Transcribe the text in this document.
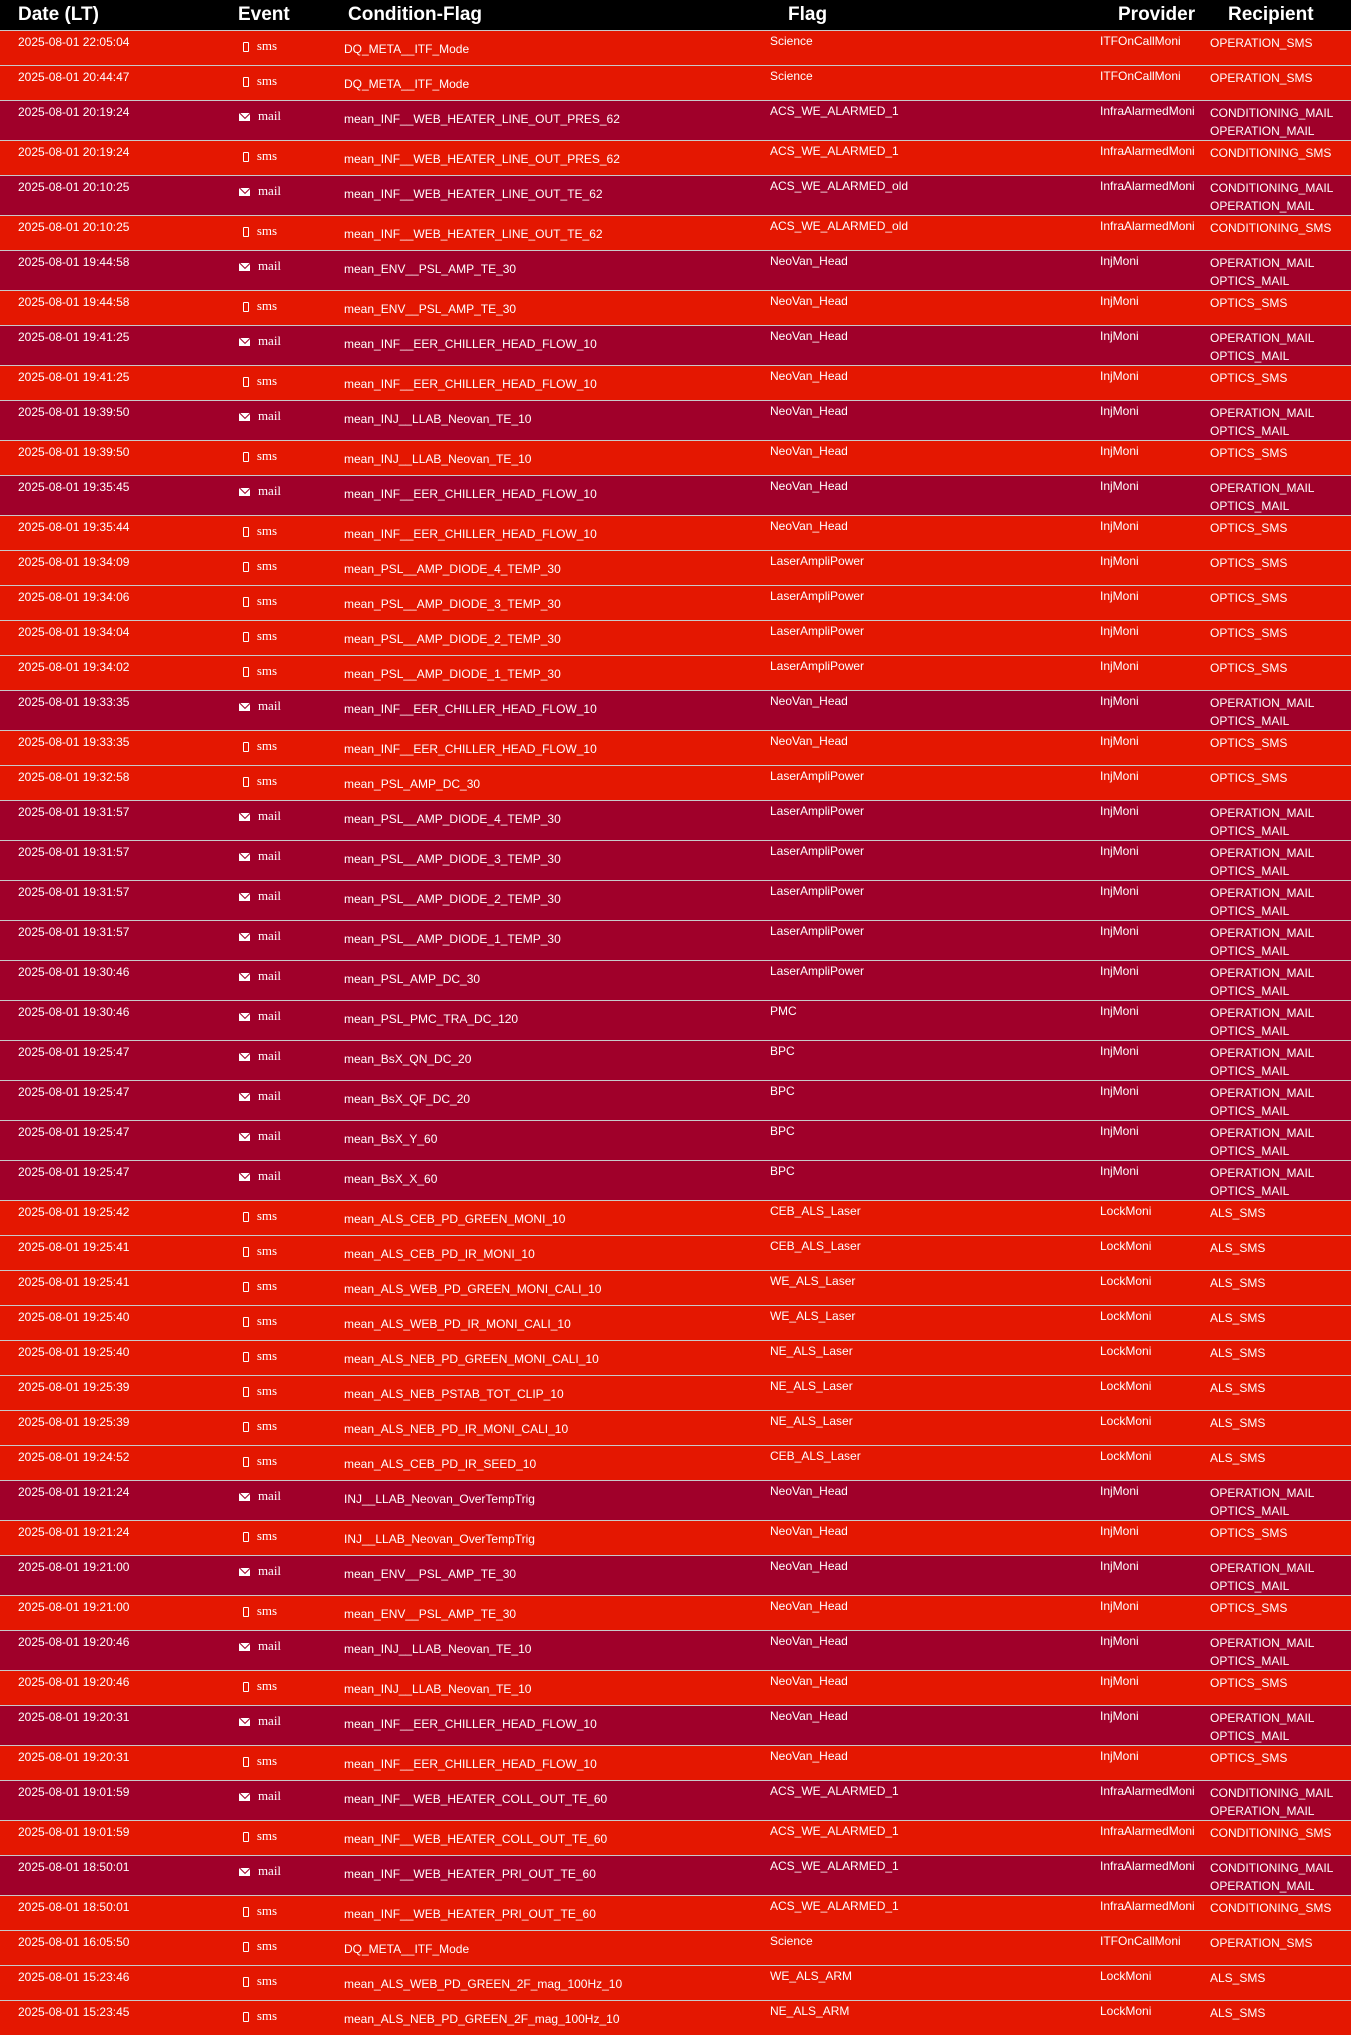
Date (LT)	Event	Condition-Flag	Flag	Provider	Recipient
2025-08-01 22:05:04	sms	DQ_META__ITF_Mode	Science	ITFOnCallMoni	OPERATION_SMS

2025-08-01 20:44:47	sms	DQ_META__ITF_Mode	Science	ITFOnCallMoni	OPERATION_SMS

2025-08-01 20:19:24	mail	mean_INF__WEB_HEATER_LINE_OUT_PRES_62	ACS_WE_ALARMED_1	InfraAlarmedMoni	CONDITIONING_MAIL
OPERATION_MAIL

2025-08-01 20:19:24	sms	mean_INF__WEB_HEATER_LINE_OUT_PRES_62	ACS_WE_ALARMED_1	InfraAlarmedMoni	CONDITIONING_SMS

2025-08-01 20:10:25	mail	mean_INF__WEB_HEATER_LINE_OUT_TE_62	ACS_WE_ALARMED_old	InfraAlarmedMoni	CONDITIONING_MAIL
OPERATION_MAIL

2025-08-01 20:10:25	sms	mean_INF__WEB_HEATER_LINE_OUT_TE_62	ACS_WE_ALARMED_old	InfraAlarmedMoni	CONDITIONING_SMS

2025-08-01 19:44:58	mail	mean_ENV__PSL_AMP_TE_30	NeoVan_Head	InjMoni	OPERATION_MAIL
OPTICS_MAIL

2025-08-01 19:44:58	sms	mean_ENV__PSL_AMP_TE_30	NeoVan_Head	InjMoni	OPTICS_SMS

2025-08-01 19:41:25	mail	mean_INF__EER_CHILLER_HEAD_FLOW_10	NeoVan_Head	InjMoni	OPERATION_MAIL
OPTICS_MAIL

2025-08-01 19:41:25	sms	mean_INF__EER_CHILLER_HEAD_FLOW_10	NeoVan_Head	InjMoni	OPTICS_SMS

2025-08-01 19:39:50	mail	mean_INJ__LLAB_Neovan_TE_10	NeoVan_Head	InjMoni	OPERATION_MAIL
OPTICS_MAIL

2025-08-01 19:39:50	sms	mean_INJ__LLAB_Neovan_TE_10	NeoVan_Head	InjMoni	OPTICS_SMS

2025-08-01 19:35:45	mail	mean_INF__EER_CHILLER_HEAD_FLOW_10	NeoVan_Head	InjMoni	OPERATION_MAIL
OPTICS_MAIL

2025-08-01 19:35:44	sms	mean_INF__EER_CHILLER_HEAD_FLOW_10	NeoVan_Head	InjMoni	OPTICS_SMS

2025-08-01 19:34:09	sms	mean_PSL__AMP_DIODE_4_TEMP_30	LaserAmpliPower	InjMoni	OPTICS_SMS

2025-08-01 19:34:06	sms	mean_PSL__AMP_DIODE_3_TEMP_30	LaserAmpliPower	InjMoni	OPTICS_SMS

2025-08-01 19:34:04	sms	mean_PSL__AMP_DIODE_2_TEMP_30	LaserAmpliPower	InjMoni	OPTICS_SMS

2025-08-01 19:34:02	sms	mean_PSL__AMP_DIODE_1_TEMP_30	LaserAmpliPower	InjMoni	OPTICS_SMS

2025-08-01 19:33:35	mail	mean_INF__EER_CHILLER_HEAD_FLOW_10	NeoVan_Head	InjMoni	OPERATION_MAIL
OPTICS_MAIL

2025-08-01 19:33:35	sms	mean_INF__EER_CHILLER_HEAD_FLOW_10	NeoVan_Head	InjMoni	OPTICS_SMS

2025-08-01 19:32:58	sms	mean_PSL_AMP_DC_30	LaserAmpliPower	InjMoni	OPTICS_SMS

2025-08-01 19:31:57	mail	mean_PSL__AMP_DIODE_4_TEMP_30	LaserAmpliPower	InjMoni	OPERATION_MAIL
OPTICS_MAIL

2025-08-01 19:31:57	mail	mean_PSL__AMP_DIODE_3_TEMP_30	LaserAmpliPower	InjMoni	OPERATION_MAIL
OPTICS_MAIL

2025-08-01 19:31:57	mail	mean_PSL__AMP_DIODE_2_TEMP_30	LaserAmpliPower	InjMoni	OPERATION_MAIL
OPTICS_MAIL

2025-08-01 19:31:57	mail	mean_PSL__AMP_DIODE_1_TEMP_30	LaserAmpliPower	InjMoni	OPERATION_MAIL
OPTICS_MAIL

2025-08-01 19:30:46	mail	mean_PSL_AMP_DC_30	LaserAmpliPower	InjMoni	OPERATION_MAIL
OPTICS_MAIL

2025-08-01 19:30:46	mail	mean_PSL_PMC_TRA_DC_120	PMC	InjMoni	OPERATION_MAIL
OPTICS_MAIL

2025-08-01 19:25:47	mail	mean_BsX_QN_DC_20	BPC	InjMoni	OPERATION_MAIL
OPTICS_MAIL

2025-08-01 19:25:47	mail	mean_BsX_QF_DC_20	BPC	InjMoni	OPERATION_MAIL
OPTICS_MAIL

2025-08-01 19:25:47	mail	mean_BsX_Y_60	BPC	InjMoni	OPERATION_MAIL
OPTICS_MAIL

2025-08-01 19:25:47	mail	mean_BsX_X_60	BPC	InjMoni	OPERATION_MAIL
OPTICS_MAIL

2025-08-01 19:25:42	sms	mean_ALS_CEB_PD_GREEN_MONI_10	CEB_ALS_Laser	LockMoni	ALS_SMS

2025-08-01 19:25:41	sms	mean_ALS_CEB_PD_IR_MONI_10	CEB_ALS_Laser	LockMoni	ALS_SMS

2025-08-01 19:25:41	sms	mean_ALS_WEB_PD_GREEN_MONI_CALI_10	WE_ALS_Laser	LockMoni	ALS_SMS

2025-08-01 19:25:40	sms	mean_ALS_WEB_PD_IR_MONI_CALI_10	WE_ALS_Laser	LockMoni	ALS_SMS

2025-08-01 19:25:40	sms	mean_ALS_NEB_PD_GREEN_MONI_CALI_10	NE_ALS_Laser	LockMoni	ALS_SMS

2025-08-01 19:25:39	sms	mean_ALS_NEB_PSTAB_TOT_CLIP_10	NE_ALS_Laser	LockMoni	ALS_SMS

2025-08-01 19:25:39	sms	mean_ALS_NEB_PD_IR_MONI_CALI_10	NE_ALS_Laser	LockMoni	ALS_SMS

2025-08-01 19:24:52	sms	mean_ALS_CEB_PD_IR_SEED_10	CEB_ALS_Laser	LockMoni	ALS_SMS

2025-08-01 19:21:24	mail	INJ__LLAB_Neovan_OverTempTrig	NeoVan_Head	InjMoni	OPERATION_MAIL
OPTICS_MAIL

2025-08-01 19:21:24	sms	INJ__LLAB_Neovan_OverTempTrig	NeoVan_Head	InjMoni	OPTICS_SMS

2025-08-01 19:21:00	mail	mean_ENV__PSL_AMP_TE_30	NeoVan_Head	InjMoni	OPERATION_MAIL
OPTICS_MAIL

2025-08-01 19:21:00	sms	mean_ENV__PSL_AMP_TE_30	NeoVan_Head	InjMoni	OPTICS_SMS

2025-08-01 19:20:46	mail	mean_INJ__LLAB_Neovan_TE_10	NeoVan_Head	InjMoni	OPERATION_MAIL
OPTICS_MAIL

2025-08-01 19:20:46	sms	mean_INJ__LLAB_Neovan_TE_10	NeoVan_Head	InjMoni	OPTICS_SMS

2025-08-01 19:20:31	mail	mean_INF__EER_CHILLER_HEAD_FLOW_10	NeoVan_Head	InjMoni	OPERATION_MAIL
OPTICS_MAIL

2025-08-01 19:20:31	sms	mean_INF__EER_CHILLER_HEAD_FLOW_10	NeoVan_Head	InjMoni	OPTICS_SMS

2025-08-01 19:01:59	mail	mean_INF__WEB_HEATER_COLL_OUT_TE_60	ACS_WE_ALARMED_1	InfraAlarmedMoni	CONDITIONING_MAIL
OPERATION_MAIL

2025-08-01 19:01:59	sms	mean_INF__WEB_HEATER_COLL_OUT_TE_60	ACS_WE_ALARMED_1	InfraAlarmedMoni	CONDITIONING_SMS

2025-08-01 18:50:01	mail	mean_INF__WEB_HEATER_PRI_OUT_TE_60	ACS_WE_ALARMED_1	InfraAlarmedMoni	CONDITIONING_MAIL
OPERATION_MAIL

2025-08-01 18:50:01	sms	mean_INF__WEB_HEATER_PRI_OUT_TE_60	ACS_WE_ALARMED_1	InfraAlarmedMoni	CONDITIONING_SMS

2025-08-01 16:05:50	sms	DQ_META__ITF_Mode	Science	ITFOnCallMoni	OPERATION_SMS

2025-08-01 15:23:46	sms	mean_ALS_WEB_PD_GREEN_2F_mag_100Hz_10	WE_ALS_ARM	LockMoni	ALS_SMS

2025-08-01 15:23:45	sms	mean_ALS_NEB_PD_GREEN_2F_mag_100Hz_10	NE_ALS_ARM	LockMoni	ALS_SMS
